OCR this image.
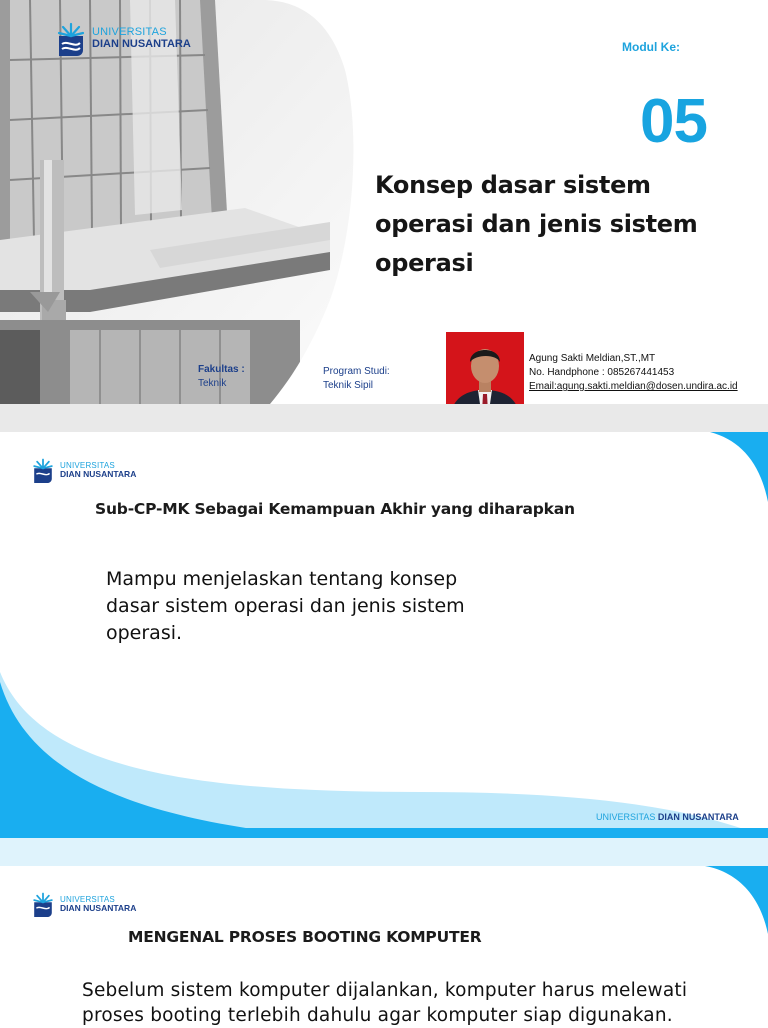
UNIVERSITAS
DIAN NUSANTARA	Modul Ke:
05
Konsep dasar sistem operasi dan jenis sistem operasi
Fakultas :
Teknik
Program Studi:
Teknik Sipil
Agung Sakti Meldian,ST.,MT
No. Handphone : 085267441453
Email:agung.sakti.meldian@dosen.undira.ac.id
UNIVERSITAS
DIAN NUSANTARA
Sub-CP-MK Sebagai Kemampuan Akhir yang diharapkan
Mampu menjelaskan tentang konsep dasar sistem operasi dan jenis sistem operasi.
UNIVERSITAS DIAN NUSANTARA
UNIVERSITAS
DIAN NUSANTARA
MENGENAL PROSES BOOTING KOMPUTER
Sebelum sistem komputer dijalankan, komputer harus melewati proses booting terlebih dahulu agar komputer siap digunakan.
